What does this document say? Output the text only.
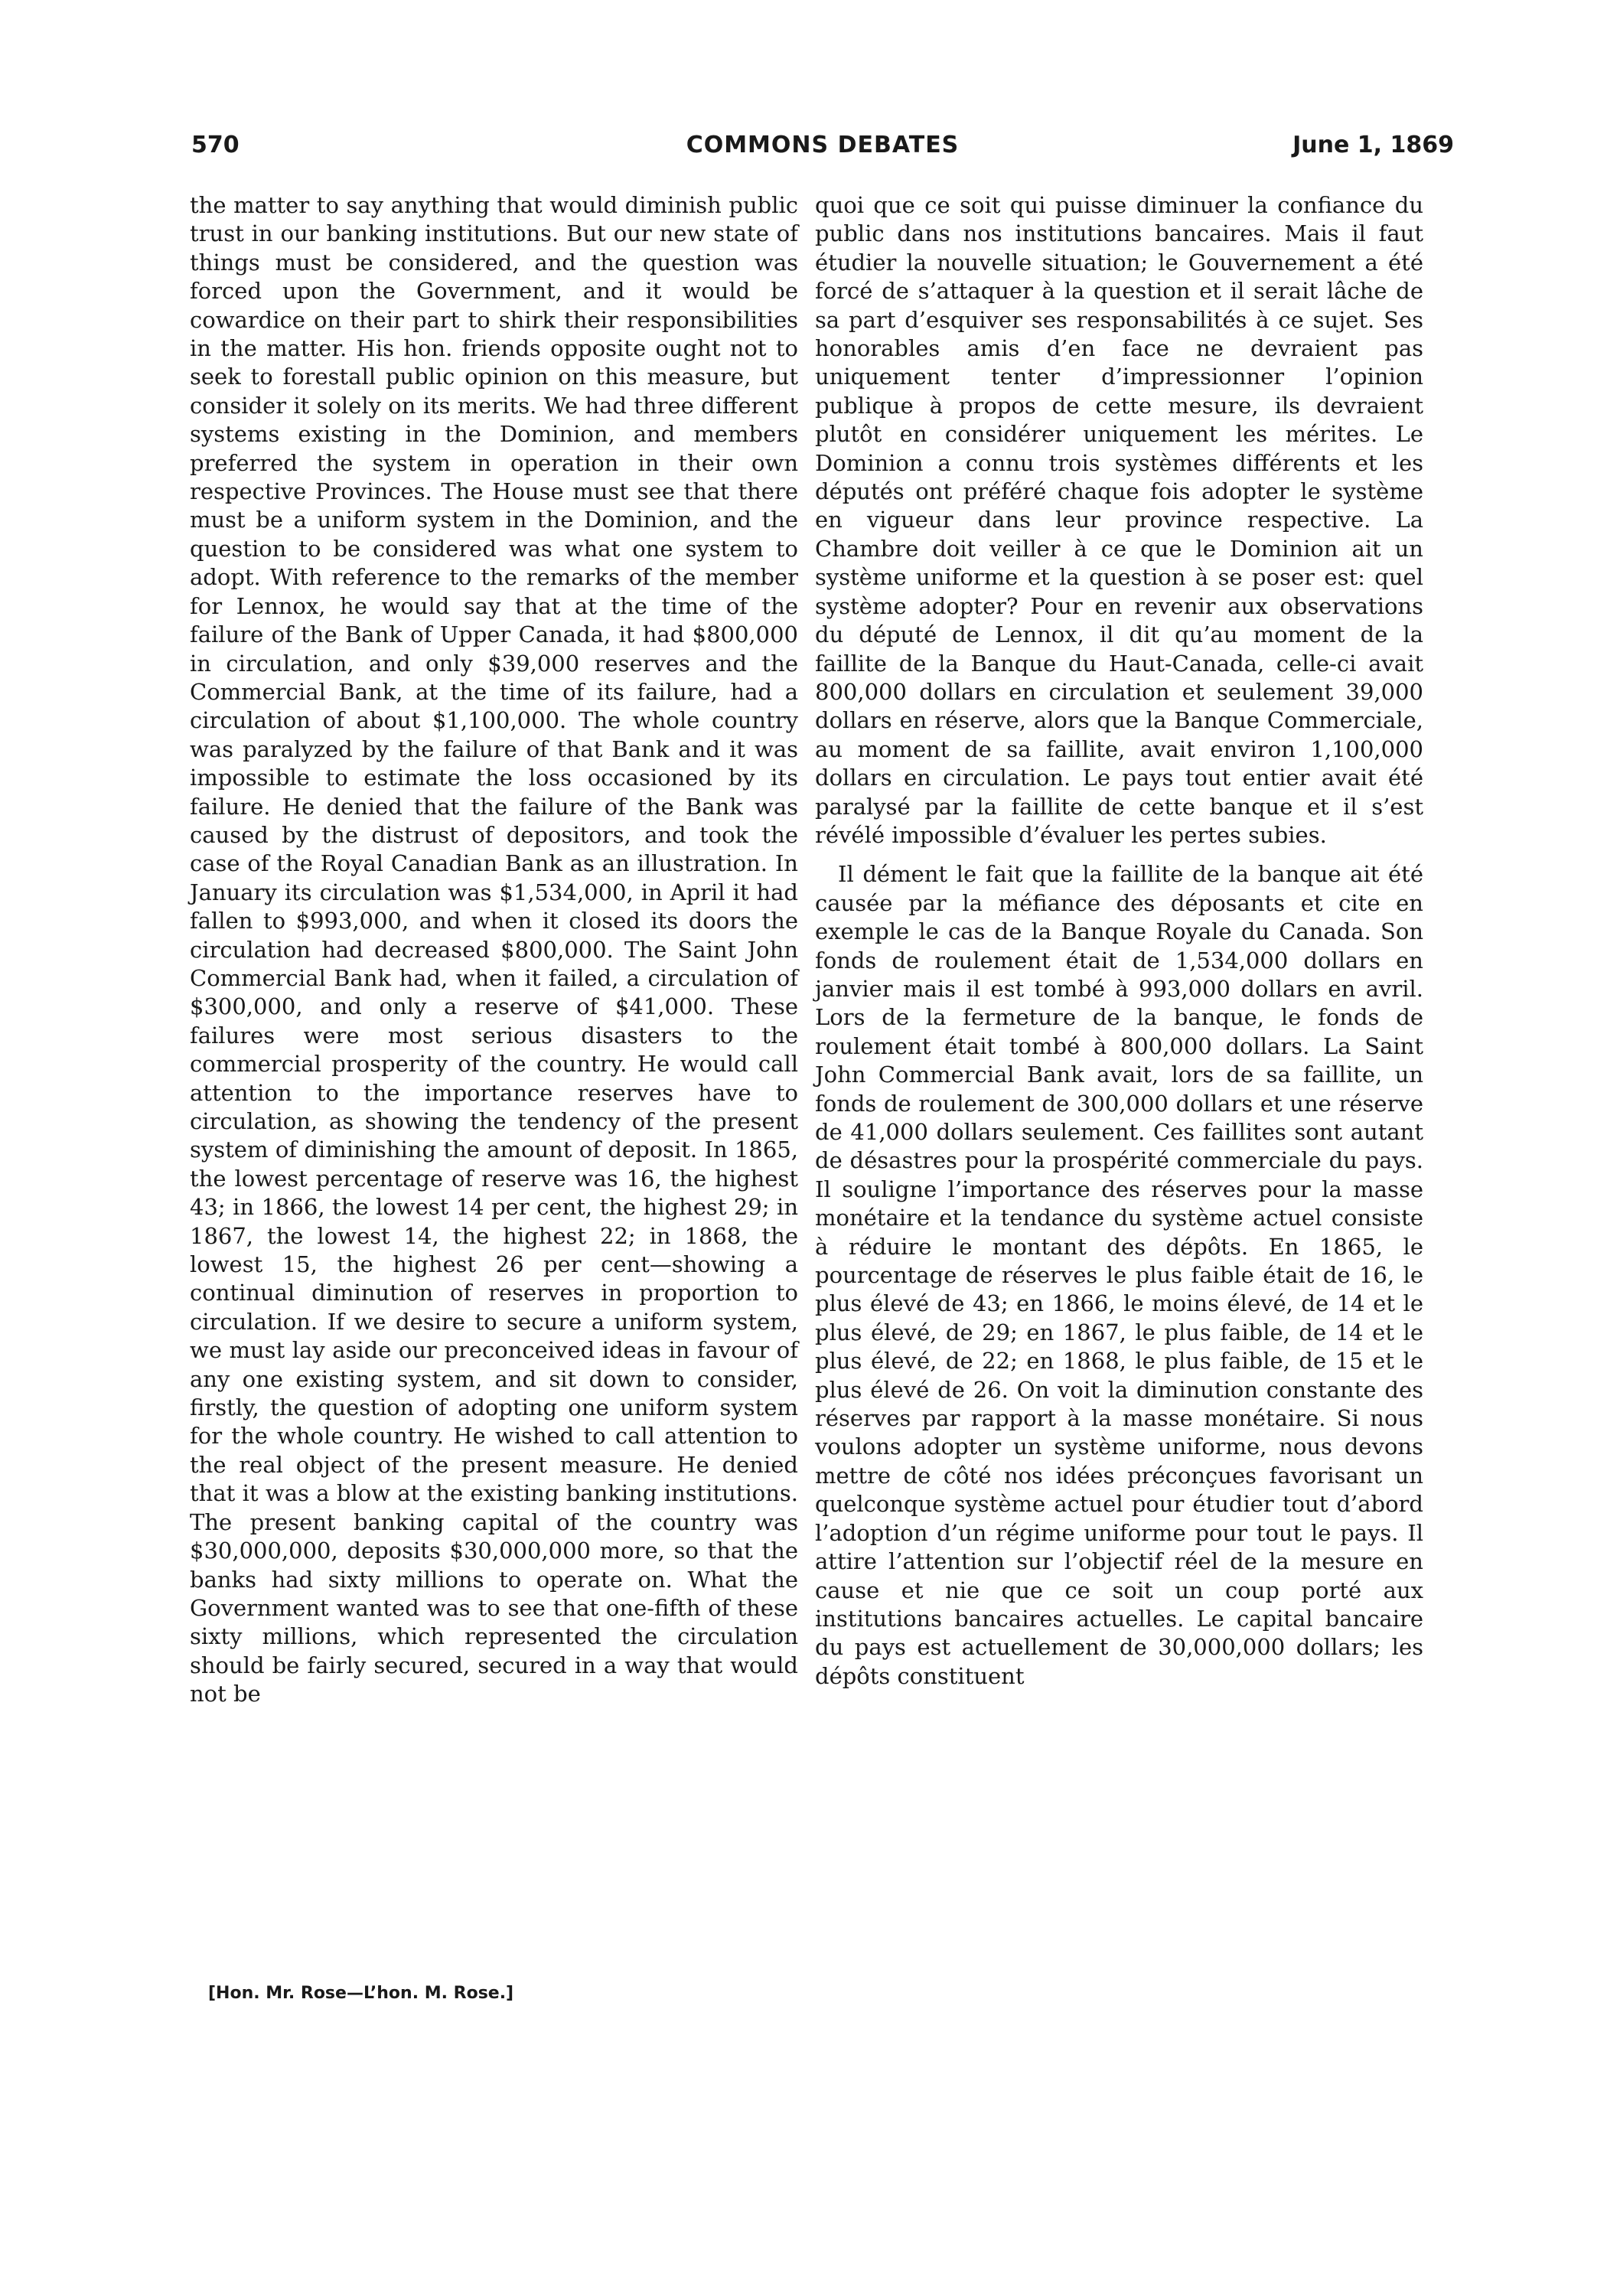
570	COMMONS DEBATES	June 1, 1869

the matter to say anything that would diminish public trust in our banking institutions. But our new state of things must be considered, and the question was forced upon the Government, and it would be cowardice on their part to shirk their responsibilities in the matter. His hon. friends opposite ought not to seek to forestall public opinion on this measure, but consider it solely on its merits. We had three different systems existing in the Dominion, and members preferred the system in operation in their own respective Provinces. The House must see that there must be a uniform system in the Dominion, and the question to be considered was what one system to adopt. With reference to the remarks of the member for Lennox, he would say that at the time of the failure of the Bank of Upper Canada, it had $800,000 in circulation, and only $39,000 reserves and the Commercial Bank, at the time of its failure, had a circulation of about $1,100,000. The whole country was paralyzed by the failure of that Bank and it was impossible to estimate the loss occasioned by its failure. He denied that the failure of the Bank was caused by the distrust of depositors, and took the case of the Royal Canadian Bank as an illustration. In January its circulation was $1,534,000, in April it had fallen to $993,000, and when it closed its doors the circulation had decreased $800,000. The Saint John Commercial Bank had, when it failed, a circulation of $300,000, and only a reserve of $41,000. These failures were most serious disasters to the commercial prosperity of the country. He would call attention to the importance reserves have to circulation, as showing the tendency of the present system of diminishing the amount of deposit. In 1865, the lowest percentage of reserve was 16, the highest 43; in 1866, the lowest 14 per cent, the highest 29; in 1867, the lowest 14, the highest 22; in 1868, the lowest 15, the highest 26 per cent—showing a continual diminution of reserves in proportion to circulation. If we desire to secure a uniform system, we must lay aside our preconceived ideas in favour of any one existing system, and sit down to consider, firstly, the question of adopting one uniform system for the whole country. He wished to call attention to the real object of the present measure. He denied that it was a blow at the existing banking institutions. The present banking capital of the country was $30,000,000, deposits $30,000,000 more, so that the banks had sixty millions to operate on. What the Government wanted was to see that one-fifth of these sixty millions, which represented the circulation should be fairly secured, secured in a way that would not be

quoi que ce soit qui puisse diminuer la confiance du public dans nos institutions bancaires. Mais il faut étudier la nouvelle situation; le Gouvernement a été forcé de s’attaquer à la question et il serait lâche de sa part d’esquiver ses responsabilités à ce sujet. Ses honorables amis d’en face ne devraient pas uniquement tenter d’impressionner l’opinion publique à propos de cette mesure, ils devraient plutôt en considérer uniquement les mérites. Le Dominion a connu trois systèmes différents et les députés ont préféré chaque fois adopter le système en vigueur dans leur province respective. La Chambre doit veiller à ce que le Dominion ait un système uniforme et la question à se poser est: quel système adopter? Pour en revenir aux observations du député de Lennox, il dit qu’au moment de la faillite de la Banque du Haut-Canada, celle-ci avait 800,000 dollars en circulation et seulement 39,000 dollars en réserve, alors que la Banque Commerciale, au moment de sa faillite, avait environ 1,100,000 dollars en circulation. Le pays tout entier avait été paralysé par la faillite de cette banque et il s’est révélé impossible d’évaluer les pertes subies.

Il dément le fait que la faillite de la banque ait été causée par la méfiance des déposants et cite en exemple le cas de la Banque Royale du Canada. Son fonds de roulement était de 1,534,000 dollars en janvier mais il est tombé à 993,000 dollars en avril. Lors de la fermeture de la banque, le fonds de roulement était tombé à 800,000 dollars. La Saint John Commercial Bank avait, lors de sa faillite, un fonds de roulement de 300,000 dollars et une réserve de 41,000 dollars seulement. Ces faillites sont autant de désastres pour la prospérité commerciale du pays. Il souligne l’importance des réserves pour la masse monétaire et la tendance du système actuel consiste à réduire le montant des dépôts. En 1865, le pourcentage de réserves le plus faible était de 16, le plus élevé de 43; en 1866, le moins élevé, de 14 et le plus élevé, de 29; en 1867, le plus faible, de 14 et le plus élevé, de 22; en 1868, le plus faible, de 15 et le plus élevé de 26. On voit la diminution constante des réserves par rapport à la masse monétaire. Si nous voulons adopter un système uniforme, nous devons mettre de côté nos idées préconçues favorisant un quelconque système actuel pour étudier tout d’abord l’adoption d’un régime uniforme pour tout le pays. Il attire l’attention sur l’objectif réel de la mesure en cause et nie que ce soit un coup porté aux institutions bancaires actuelles. Le capital bancaire du pays est actuellement de 30,000,000 dollars; les dépôts constituent

[Hon. Mr. Rose—L’hon. M. Rose.]
